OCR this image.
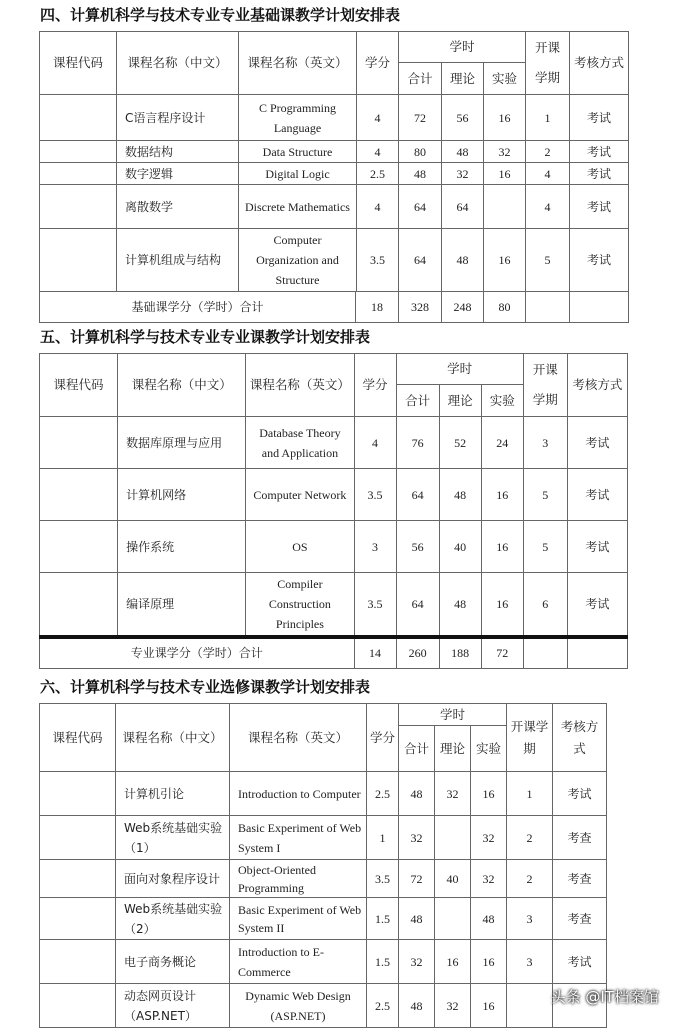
四、计算机科学与技术专业专业基础课教学计划安排表
课程代码	课程名称（中文）	课程名称（英文）	学分	学时			开课学期	考核方式
				合计	理论	实验		
	C语言程序设计	C Programming Language	4	72	56	16	1	考试
	数据结构	Data Structure	4	80	48	32	2	考试
	数字逻辑	Digital Logic	2.5	48	32	16	4	考试
	离散数学	Discrete Mathematics	4	64	64		4	考试
	计算机组成与结构	Computer Organization and Structure	3.5	64	48	16	5	考试

基础课学分（学时）合计 18				328	248	80		
五、计算机科学与技术专业专业课教学计划安排表
课程代码	课程名称（中文）	课程名称（英文）	学分	学时			开课学期	考核方式
				合计	理论	实验		
	数据库原理与应用	Database Theory and Application	4	76	52	24	3	考试
	计算机网络	Computer Network	3.5	64	48	16	5	考试
	操作系统	OS	3	56	40	16	5	考试
	编译原理	Compiler Construction Principles	3.5	64	48	16	6	考试
专业课学分（学时）合计			14	260	188	72		
六、计算机科学与技术专业选修课教学计划安排表
课程代码	课程名称（中文）	课程名称（英文）	学分	学时			开课学期	考核方式
				合计	理论	实验		
	计算机引论	Introduction to Computer	2.5	48	32	16	1	考试
	Web系统基础实验（1）	Basic Experiment of Web System I	1	32		32	2	考查
	面向对象程序设计	Object-Oriented Programming	3.5	72	40	32	2	考查
	Web系统基础实验（2）	Basic Experiment of Web System II	1.5	48		48	3	考查
	电子商务概论	Introduction to E-Commerce	1.5	32	16	16	3	考试
	动态网页设计（ASP.NET）	Dynamic Web Design (ASP.NET)	2.5	48	32	16			头条 @IT档案馆
